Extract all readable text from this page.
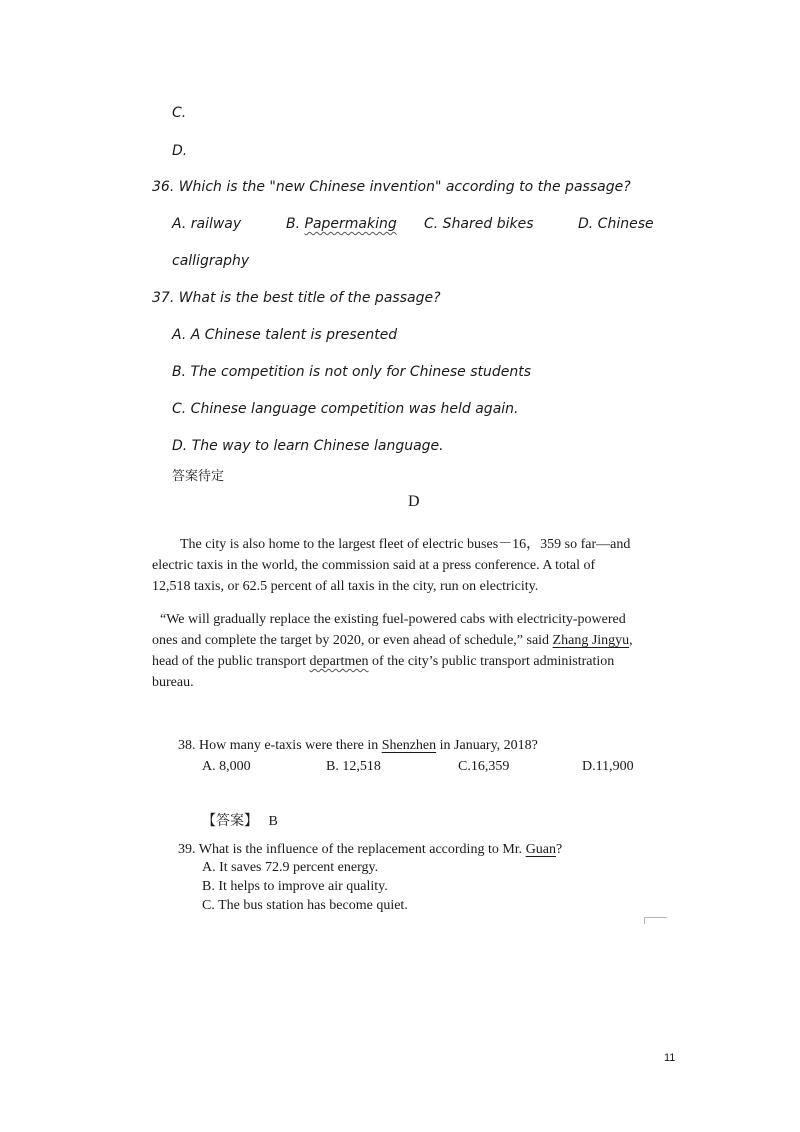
C.
D.
36. Which is the "new Chinese invention" according to the passage?
A. railway	B. Papermaking C. Shared bikes	D. Chinese
calligraphy
37. What is the best title of the passage?
A. A Chinese talent is presented
B. The competition is not only for Chinese students
C. Chinese language competition was held again.
D. The way to learn Chinese language.
答案待定
D
The city is also home to the largest fleet of electric buses－16，359 so far—and
electric taxis in the world, the commission said at a press conference. A total of
12,518 taxis, or 62.5 percent of all taxis in the city, run on electricity.
“We will gradually replace the existing fuel-powered cabs with electricity-powered
ones and complete the target by 2020, or even ahead of schedule,” said Zhang Jingyu,
head of the public transport departmen of the city’s public transport administration
bureau.
38. How many e-taxis were there in Shenzhen in January, 2018?
A. 8,000	B. 12,518	C.16,359	D.11,900
【答案】 B
39. What is the influence of the replacement according to Mr. Guan?
A. It saves 72.9 percent energy.
B. It helps to improve air quality.
C. The bus station has become quiet.
11
